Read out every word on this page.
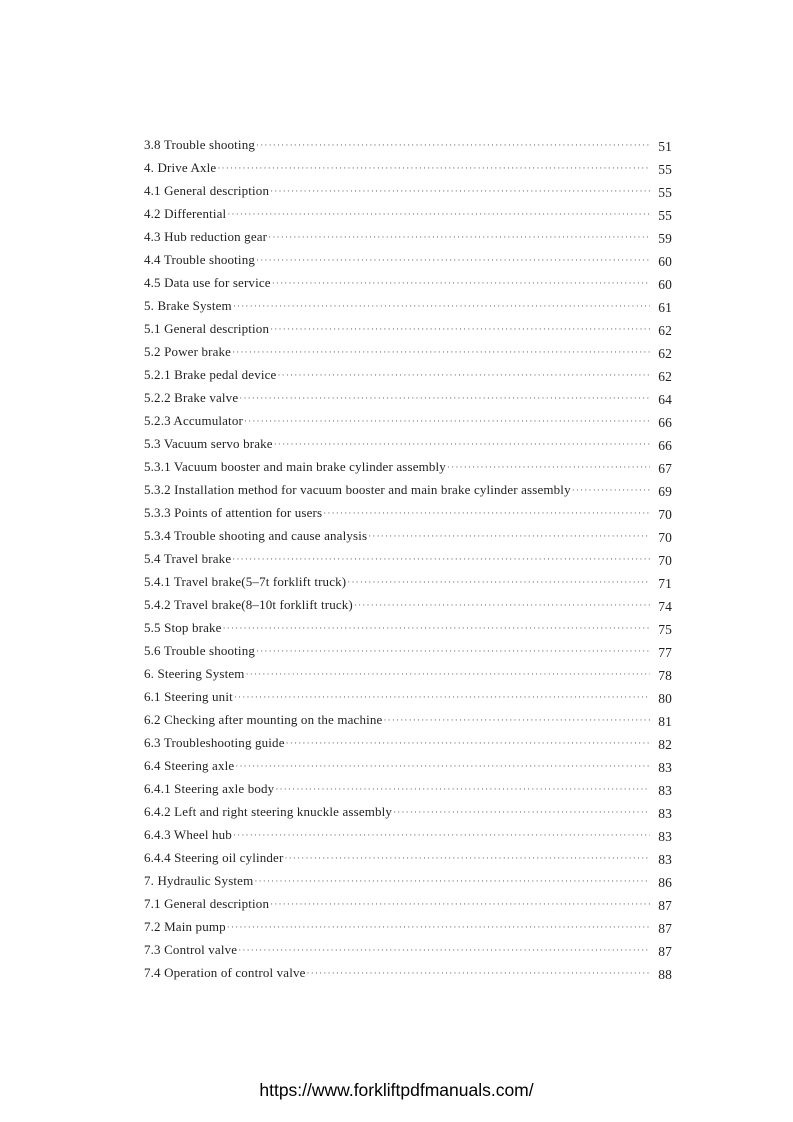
3.8 Trouble shooting ·····	51
4. Drive Axle ·····	55
4.1 General description ·····	55
4.2 Differential ·····	55
4.3 Hub reduction gear ·····	59
4.4 Trouble shooting ·····	60
4.5 Data use for service ·····	60
5. Brake System ·····	61
5.1 General description ·····	62
5.2 Power brake ·····	62
5.2.1 Brake pedal device ·····	62
5.2.2 Brake valve ·····	64
5.2.3 Accumulator ·····	66
5.3 Vacuum servo brake ·····	66
5.3.1 Vacuum booster and main brake cylinder assembly ·····	67
5.3.2 Installation method for vacuum booster and main brake cylinder assembly ·····	69
5.3.3 Points of attention for users ·····	70
5.3.4 Trouble shooting and cause analysis ·····	70
5.4 Travel brake ·····	70
5.4.1 Travel brake(5–7t forklift truck) ·····	71
5.4.2 Travel brake(8–10t forklift truck) ·····	74
5.5 Stop brake ·····	75
5.6 Trouble shooting ·····	77
6. Steering System ·····	78
6.1 Steering unit ·····	80
6.2 Checking after mounting on the machine ·····	81
6.3 Troubleshooting guide ·····	82
6.4 Steering axle ·····	83
6.4.1 Steering axle body ·····	83
6.4.2 Left and right steering knuckle assembly ·····	83
6.4.3 Wheel hub ·····	83
6.4.4 Steering oil cylinder ·····	83
7. Hydraulic System ·····	86
7.1 General description ·····	87
7.2 Main pump ·····	87
7.3 Control valve ·····	87
7.4 Operation of control valve ·····	88
https://www.forkliftpdfmanuals.com/
